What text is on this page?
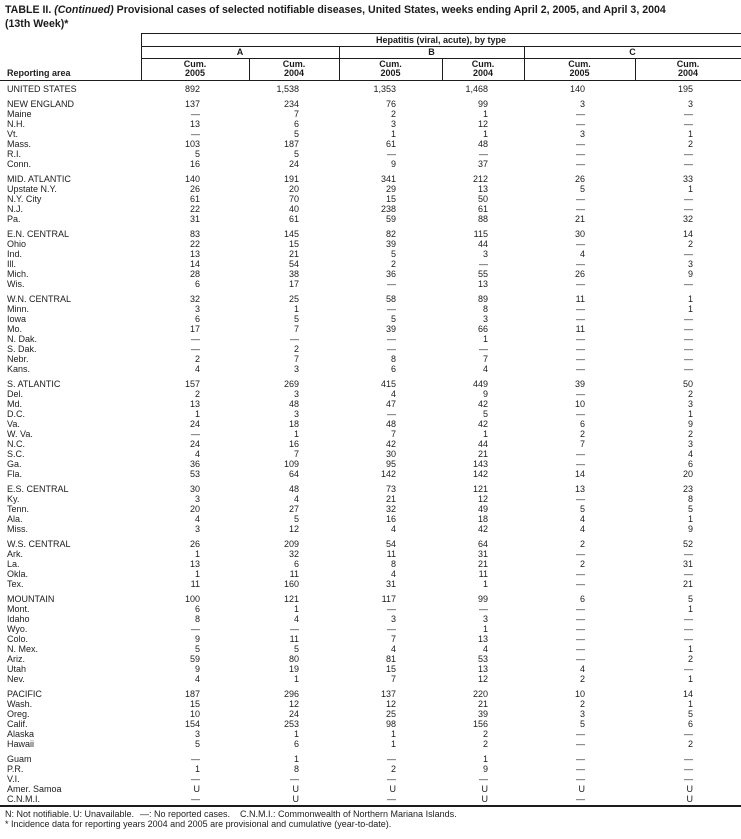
TABLE II. (Continued) Provisional cases of selected notifiable diseases, United States, weeks ending April 2, 2005, and April 3, 2004
(13th Week)*
Hepatitis (viral, acute), by type
A	B	C
Cum.
2005
Cum.
2004
Cum.
2005
Cum.
2004
Cum.
2005
Cum.
2004
Reporting area
UNITED STATES	892	1,538	1,353	1,468	140	195
NEW ENGLAND	137	234	76	99	3	3
Maine	—	7	2	1	—	—
N.H.	13	6	3	12	—	—
Vt.	—	5	1	1	3	1
Mass.	103	187	61	48	—	2
R.I.	5	5	—	—	—	—
Conn.	16	24	9	37	—	—
MID. ATLANTIC	140	191	341	212	26	33
Upstate N.Y.	26	20	29	13	5	1
N.Y. City	61	70	15	50	—	—
N.J.	22	40	238	61	—	—
Pa.	31	61	59	88	21	32
E.N. CENTRAL	83	145	82	115	30	14
Ohio	22	15	39	44	—	2
Ind.	13	21	5	3	4	—
Ill.	14	54	2	—	—	3
Mich.	28	38	36	55	26	9
Wis.	6	17	—	13	—	—
W.N. CENTRAL	32	25	58	89	11	1
Minn.	3	1	—	8	—	1
Iowa	6	5	5	3	—	—
Mo.	17	7	39	66	11	—
N. Dak.	—	—	—	1	—	—
S. Dak.	—	2	—	—	—	—
Nebr.	2	7	8	7	—	—
Kans.	4	3	6	4	—	—
S. ATLANTIC	157	269	415	449	39	50
Del.	2	3	4	9	—	2
Md.	13	48	47	42	10	3
D.C.	1	3	—	5	—	1
Va.	24	18	48	42	6	9
W. Va.	—	1	7	1	2	2
N.C.	24	16	42	44	7	3
S.C.	4	7	30	21	—	4
Ga.	36	109	95	143	—	6
Fla.	53	64	142	142	14	20
E.S. CENTRAL	30	48	73	121	13	23
Ky.	3	4	21	12	—	8
Tenn.	20	27	32	49	5	5
Ala.	4	5	16	18	4	1
Miss.	3	12	4	42	4	9
W.S. CENTRAL	26	209	54	64	2	52
Ark.	1	32	11	31	—	—
La.	13	6	8	21	2	31
Okla.	1	11	4	11	—	—
Tex.	11	160	31	1	—	21
MOUNTAIN	100	121	117	99	6	5
Mont.	6	1	—	—	—	1
Idaho	8	4	3	3	—	—
Wyo.	—	—	—	1	—	—
Colo.	9	11	7	13	—	—
N. Mex.	5	5	4	4	—	1
Ariz.	59	80	81	53	—	2
Utah	9	19	15	13	4	—
Nev.	4	1	7	12	2	1
PACIFIC	187	296	137	220	10	14
Wash.	15	12	12	21	2	1
Oreg.	10	24	25	39	3	5
Calif.	154	253	98	156	5	6
Alaska	3	1	1	2	—	—
Hawaii	5	6	1	2	—	2
Guam	—	1	—	1	—	—
P.R.	1	8	2	9	—	—
V.I.	—	—	—	—	—	—
Amer. Samoa	U	U	U	U	U	U
C.N.M.I.	—	U	—	U	—	U
N: Not notifiable. U: Unavailable. —: No reported cases. C.N.M.I.: Commonwealth of Northern Mariana Islands.
* Incidence data for reporting years 2004 and 2005 are provisional and cumulative (year-to-date).
